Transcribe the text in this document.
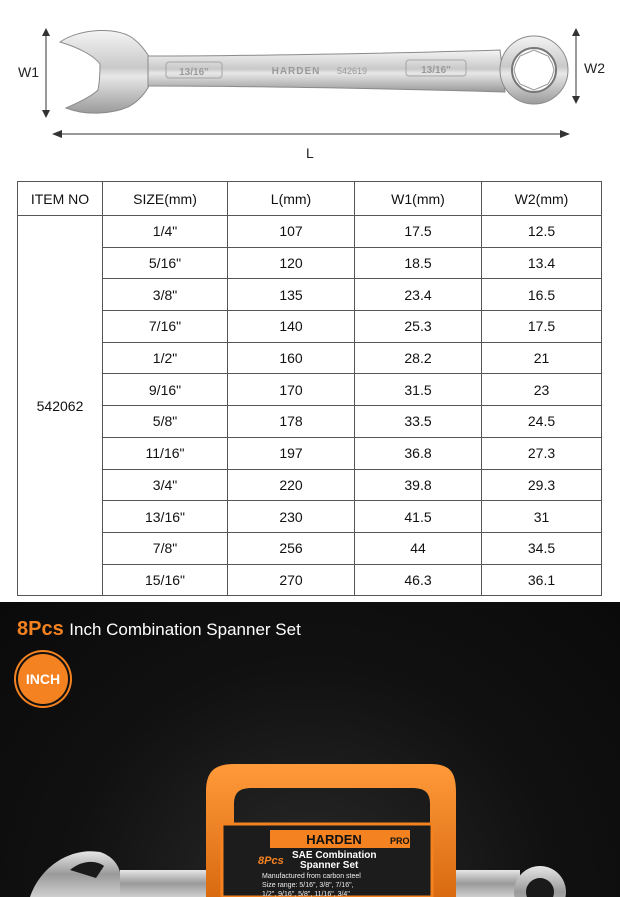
13/16"	HARDEN 542619	13/16"
W1	W2
L
ITEM NO	SIZE(mm)	L(mm)	W1(mm)	W2(mm)
542062	1/4"	107	17.5	12.5
	5/16"	120	18.5	13.4
	3/8"	135	23.4	16.5
	7/16"	140	25.3	17.5
	1/2"	160	28.2	21
	9/16"	170	31.5	23
	5/8"	178	33.5	24.5
	11/16"	197	36.8	27.3
	3/4"	220	39.8	29.3
	13/16"	230	41.5	31
	7/8"	256	44	34.5
	15/16"	270	46.3	36.1
8Pcs Inch Combination Spanner Set
INCH
HARDEN	PRO
8Pcs SAE Combination
Spanner Set
Manufactured from carbon steel
Size range: 5/16", 3/8", 7/16",
1/2", 9/16", 5/8", 11/16", 3/4"
